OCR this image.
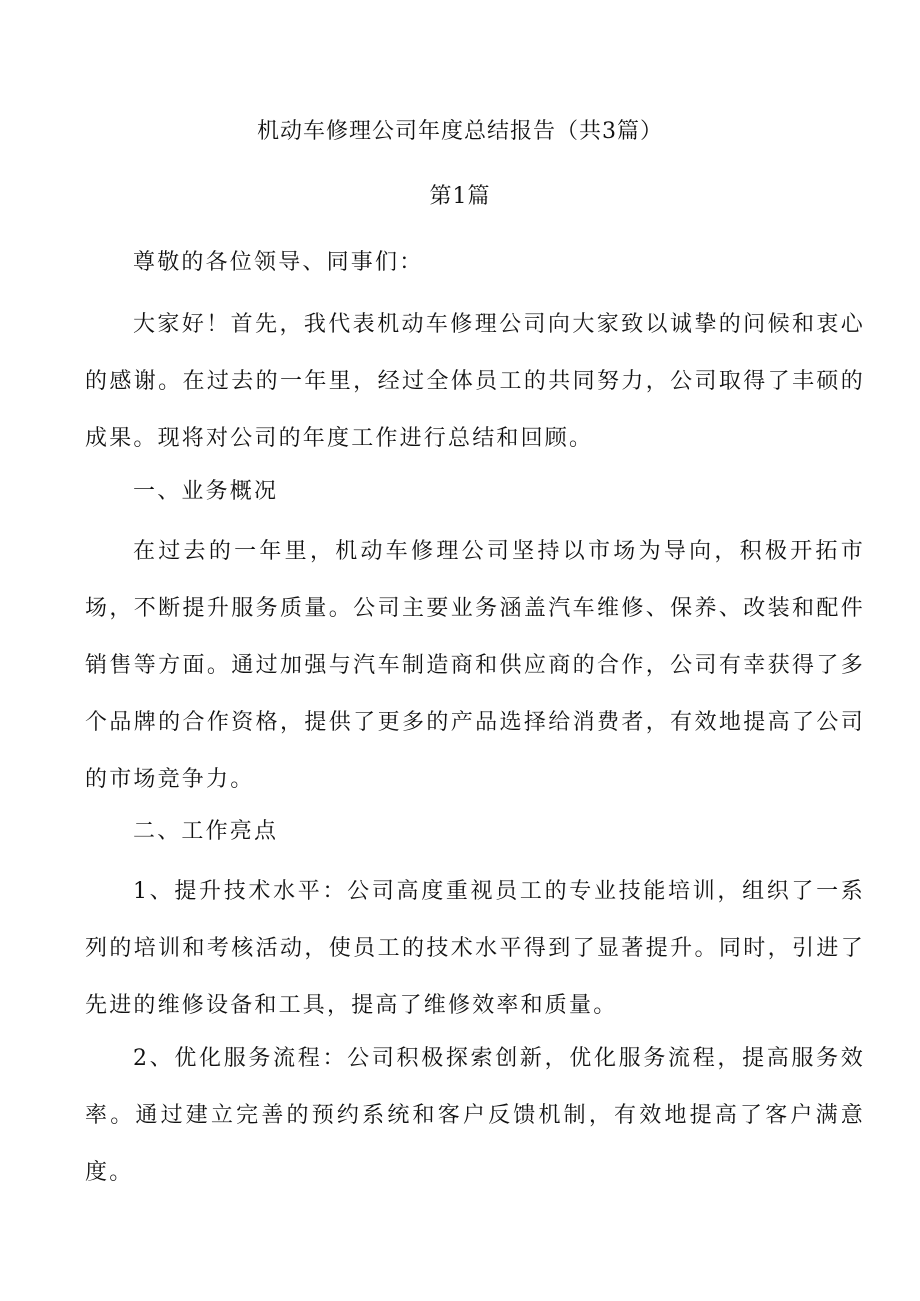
机动车修理公司年度总结报告（共3篇）
第1篇

尊敬的各位领导、同事们：

大家好！首先，我代表机动车修理公司向大家致以诚挚的问候和衷心的感谢。在过去的一年里，经过全体员工的共同努力，公司取得了丰硕的成果。现将对公司的年度工作进行总结和回顾。

一、业务概况

在过去的一年里，机动车修理公司坚持以市场为导向，积极开拓市场，不断提升服务质量。公司主要业务涵盖汽车维修、保养、改装和配件销售等方面。通过加强与汽车制造商和供应商的合作，公司有幸获得了多个品牌的合作资格，提供了更多的产品选择给消费者，有效地提高了公司的市场竞争力。

二、工作亮点

1、提升技术水平：公司高度重视员工的专业技能培训，组织了一系列的培训和考核活动，使员工的技术水平得到了显著提升。同时，引进了先进的维修设备和工具，提高了维修效率和质量。

2、优化服务流程：公司积极探索创新，优化服务流程，提高服务效率。通过建立完善的预约系统和客户反馈机制，有效地提高了客户满意度。
